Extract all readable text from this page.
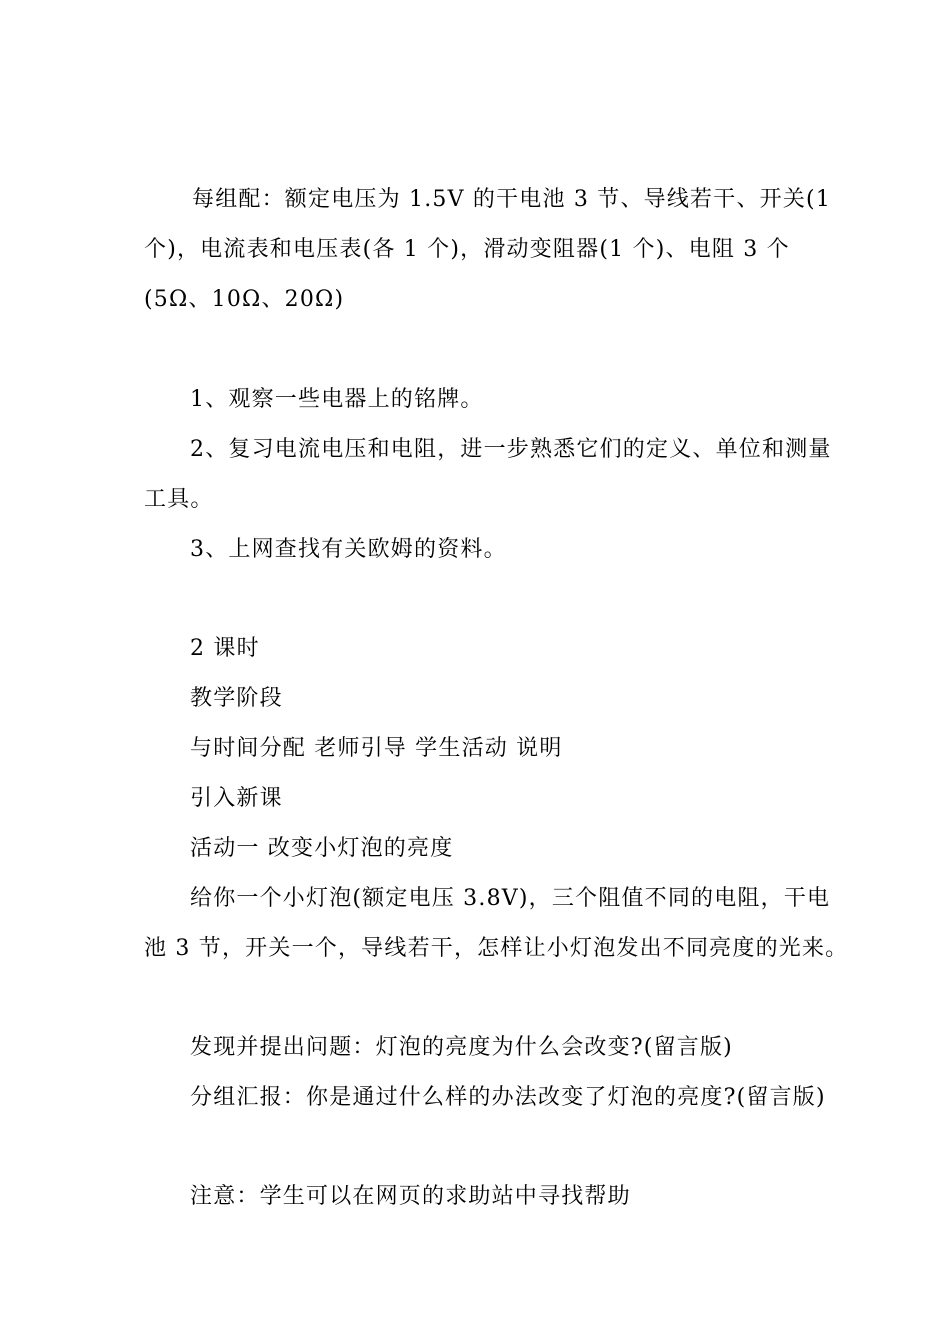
每组配：额定电压为 1.5V 的干电池 3 节、导线若干、开关(1
个)，电流表和电压表(各 1 个)，滑动变阻器(1 个)、电阻 3 个
(5Ω、10Ω、20Ω)
1、观察一些电器上的铭牌。
2、复习电流电压和电阻，进一步熟悉它们的定义、单位和测量
工具。
3、上网查找有关欧姆的资料。
2 课时
教学阶段
与时间分配 老师引导 学生活动 说明
引入新课
活动一 改变小灯泡的亮度
给你一个小灯泡(额定电压 3.8V)，三个阻值不同的电阻，干电
池 3 节，开关一个，导线若干，怎样让小灯泡发出不同亮度的光来。
发现并提出问题：灯泡的亮度为什么会改变?(留言版)
分组汇报：你是通过什么样的办法改变了灯泡的亮度?(留言版)
注意：学生可以在网页的求助站中寻找帮助
